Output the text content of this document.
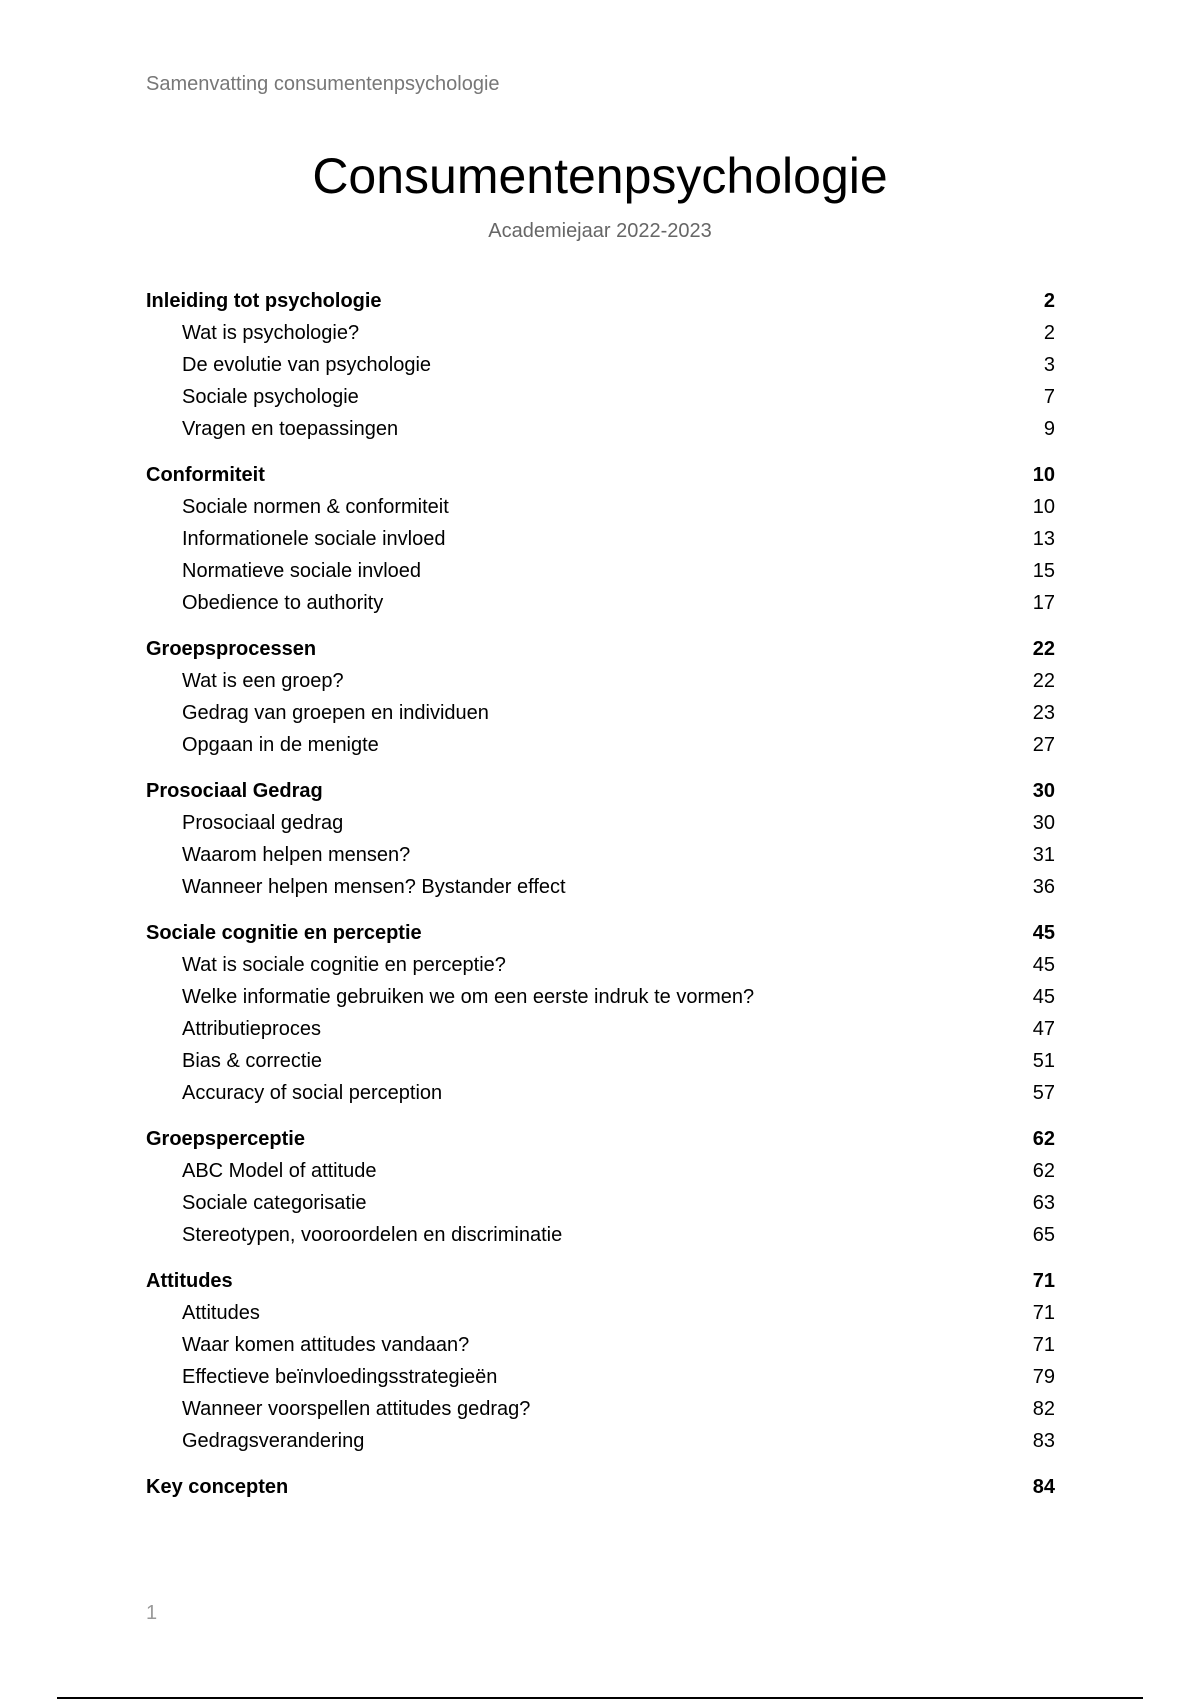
Samenvatting consumentenpsychologie
Consumentenpsychologie
Academiejaar 2022-2023
Inleiding tot psychologie	2
Wat is psychologie?	2
De evolutie van psychologie	3
Sociale psychologie	7
Vragen en toepassingen	9
Conformiteit	10
Sociale normen & conformiteit	10
Informationele sociale invloed	13
Normatieve sociale invloed	15
Obedience to authority	17
Groepsprocessen	22
Wat is een groep?	22
Gedrag van groepen en individuen	23
Opgaan in de menigte	27
Prosociaal Gedrag	30
Prosociaal gedrag	30
Waarom helpen mensen?	31
Wanneer helpen mensen? Bystander effect	36
Sociale cognitie en perceptie	45
Wat is sociale cognitie en perceptie?	45
Welke informatie gebruiken we om een eerste indruk te vormen?	45
Attributieproces	47
Bias & correctie	51
Accuracy of social perception	57
Groepsperceptie	62
ABC Model of attitude	62
Sociale categorisatie	63
Stereotypen, vooroordelen en discriminatie	65
Attitudes	71
Attitudes	71
Waar komen attitudes vandaan?	71
Effectieve beïnvloedingsstrategieën	79
Wanneer voorspellen attitudes gedrag?	82
Gedragsverandering	83
Key concepten	84
1
